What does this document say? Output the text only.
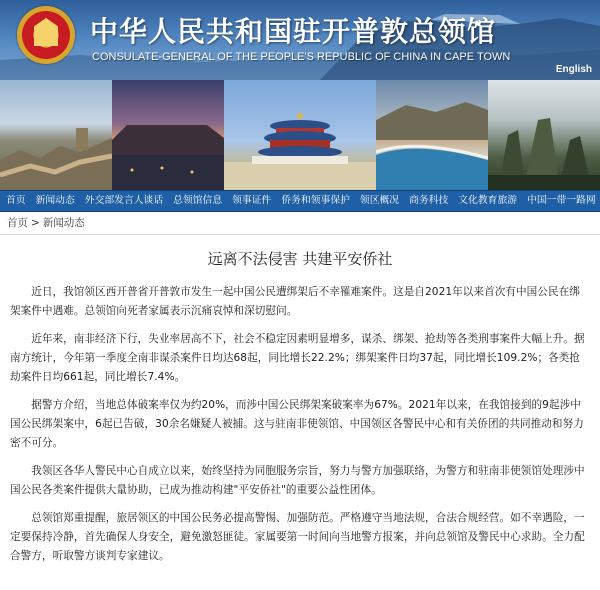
中华人民共和国驻开普敦总领馆
CONSULATE-GENERAL OF THE PEOPLE'S REPUBLIC OF CHINA IN CAPE TOWN
English
首页	新闻动态	外交部发言人谈话	总领馆信息	领事证件	侨务和领事保护	领区概况	商务科技	文化教育旅游	中国一带一路网
首页 > 新闻动态
远离不法侵害 共建平安侨社

近日，我馆领区西开普省开普敦市发生一起中国公民遭绑架后不幸罹难案件。这是自2021年以来首次有中国公民在绑架案件中遇难。总领馆向死者家属表示沉痛哀悼和深切慰问。

近年来，南非经济下行，失业率居高不下，社会不稳定因素明显增多，谋杀、绑架、抢劫等各类刑事案件大幅上升。据南方统计，今年第一季度全南非谋杀案件日均达68起，同比增长22.2%；绑架案件日均37起，同比增长109.2%；各类抢劫案件日均661起，同比增长7.4%。

据警方介绍，当地总体破案率仅为约20%，而涉中国公民绑架案破案率为67%。2021年以来，在我馆接到的9起涉中国公民绑架案中，6起已告破，30余名嫌疑人被捕。这与驻南非使领馆、中国领区各警民中心和有关侨团的共同推动和努力密不可分。

我领区各华人警民中心自成立以来，始终坚持为同胞服务宗旨，努力与警方加强联络，为警方和驻南非使领馆处理涉中国公民各类案件提供大量协助，已成为推动构建"平安侨社"的重要公益性团体。

总领馆郑重提醒，旅居领区的中国公民务必提高警惕、加强防范。严格遵守当地法规，合法合规经营。如不幸遇险，一定要保持冷静，首先确保人身安全，避免激怒匪徒。家属要第一时间向当地警方报案，并向总领馆及警民中心求助。全力配合警方，听取警方谈判专家建议。
